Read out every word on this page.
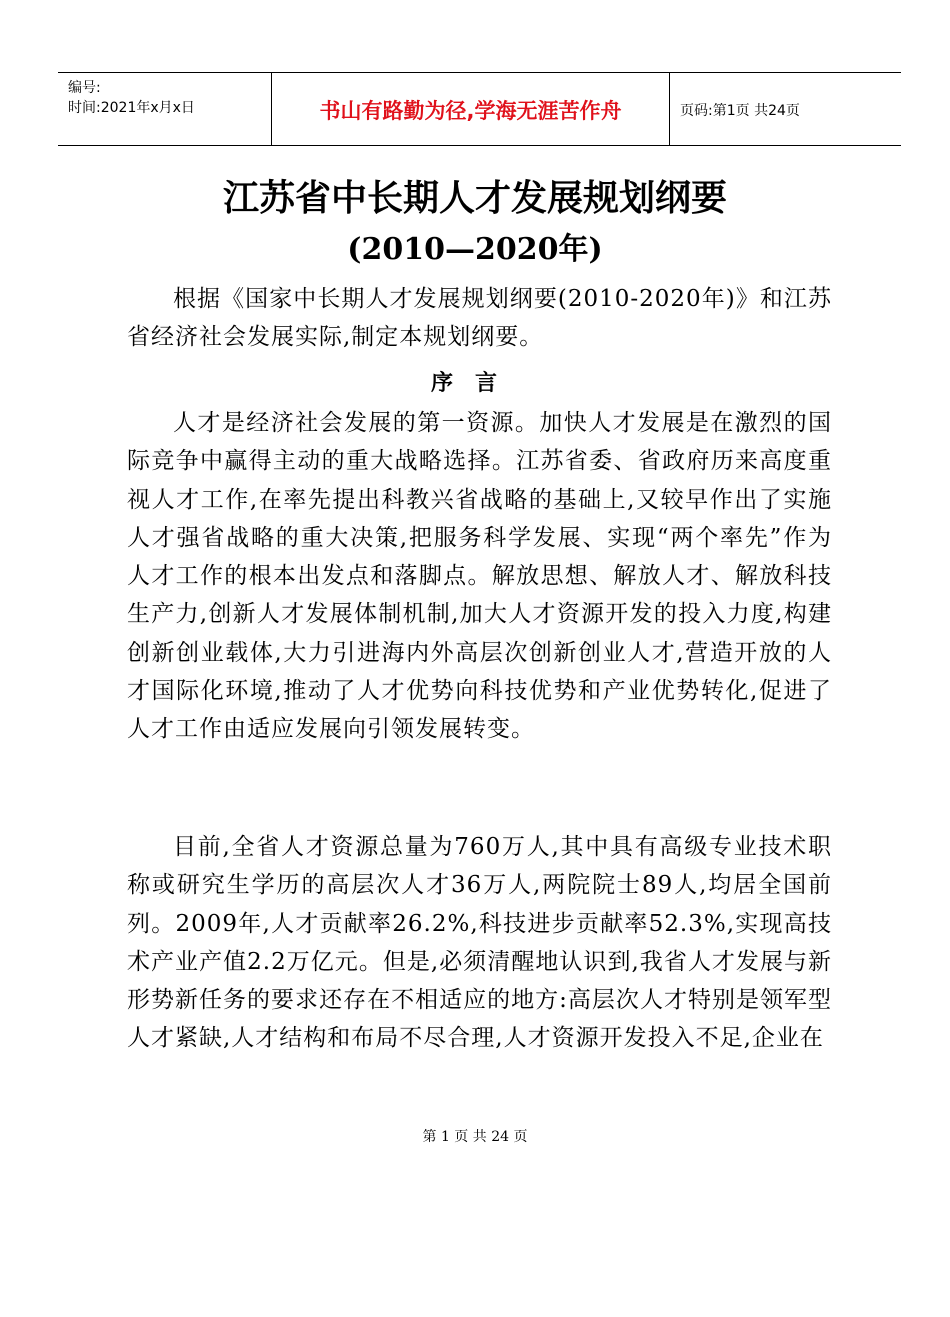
编号:
时间:2021年x月x日	书山有路勤为径,学海无涯苦作舟	页码:第1页 共24页
江苏省中长期人才发展规划纲要
(2010—2020年)

根据《国家中长期人才发展规划纲要(2010-2020年)》和江苏省经济社会发展实际,制定本规划纲要。

序言

人才是经济社会发展的第一资源。加快人才发展是在激烈的国际竞争中赢得主动的重大战略选择。江苏省委、省政府历来高度重视人才工作,在率先提出科教兴省战略的基础上,又较早作出了实施人才强省战略的重大决策,把服务科学发展、实现“两个率先”作为人才工作的根本出发点和落脚点。解放思想、解放人才、解放科技生产力,创新人才发展体制机制,加大人才资源开发的投入力度,构建创新创业载体,大力引进海内外高层次创新创业人才,营造开放的人才国际化环境,推动了人才优势向科技优势和产业优势转化,促进了人才工作由适应发展向引领发展转变。

目前,全省人才资源总量为760万人,其中具有高级专业技术职称或研究生学历的高层次人才36万人,两院院士89人,均居全国前列。2009年,人才贡献率26.2%,科技进步贡献率52.3%,实现高技术产业产值2.2万亿元。但是,必须清醒地认识到,我省人才发展与新形势新任务的要求还存在不相适应的地方:高层次人才特别是领军型人才紧缺,人才结构和布局不尽合理,人才资源开发投入不足,企业在

第 1 页 共 24 页
